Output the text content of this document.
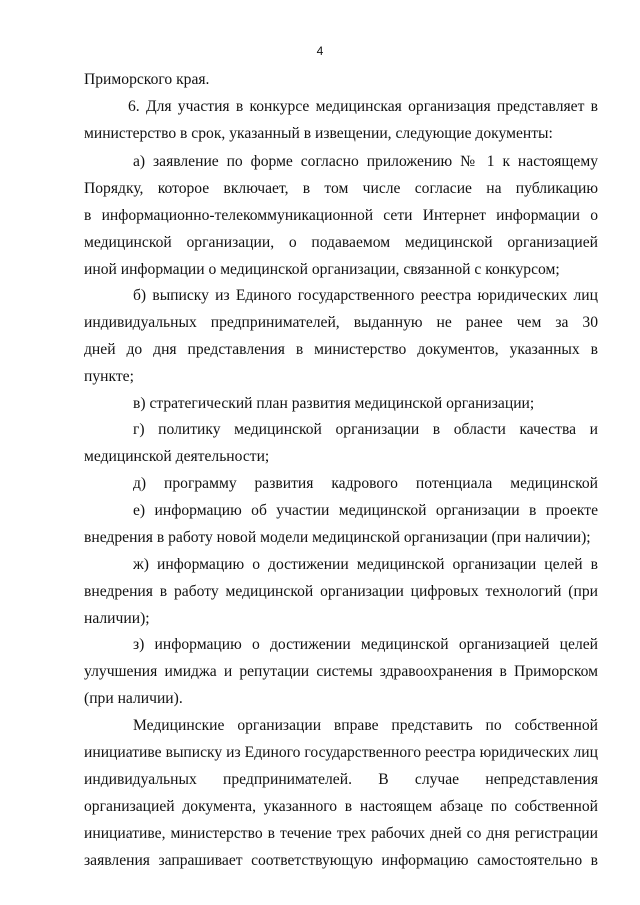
4
Приморского края.
6. Для участия в конкурсе медицинская организация представляет в
министерство в срок, указанный в извещении, следующие документы:
а) заявление по форме согласно приложению № 1 к настоящему
Порядку, которое включает, в том числе согласие на публикацию
в информационно-телекоммуникационной сети Интернет информации о
медицинской организации, о подаваемом медицинской организацией
иной информации о медицинской организации, связанной с конкурсом;
б) выписку из Единого государственного реестра юридических лиц
индивидуальных предпринимателей, выданную не ранее чем за 30
дней до дня представления в министерство документов, указанных в
пункте;
в) стратегический план развития медицинской организации;
г) политику медицинской организации в области качества и
медицинской деятельности;
д) программу развития кадрового потенциала медицинской
е) информацию об участии медицинской организации в проекте
внедрения в работу новой модели медицинской организации (при наличии);
ж) информацию о достижении медицинской организации целей в
внедрения в работу медицинской организации цифровых технологий (при
наличии);
з) информацию о достижении медицинской организацией целей
улучшения имиджа и репутации системы здравоохранения в Приморском
(при наличии).
Медицинские организации вправе представить по собственной
инициативе выписку из Единого государственного реестра юридических лиц
индивидуальных предпринимателей. В случае непредставления
организацией документа, указанного в настоящем абзаце по собственной
инициативе, министерство в течение трех рабочих дней со дня регистрации
заявления запрашивает соответствующую информацию самостоятельно в
